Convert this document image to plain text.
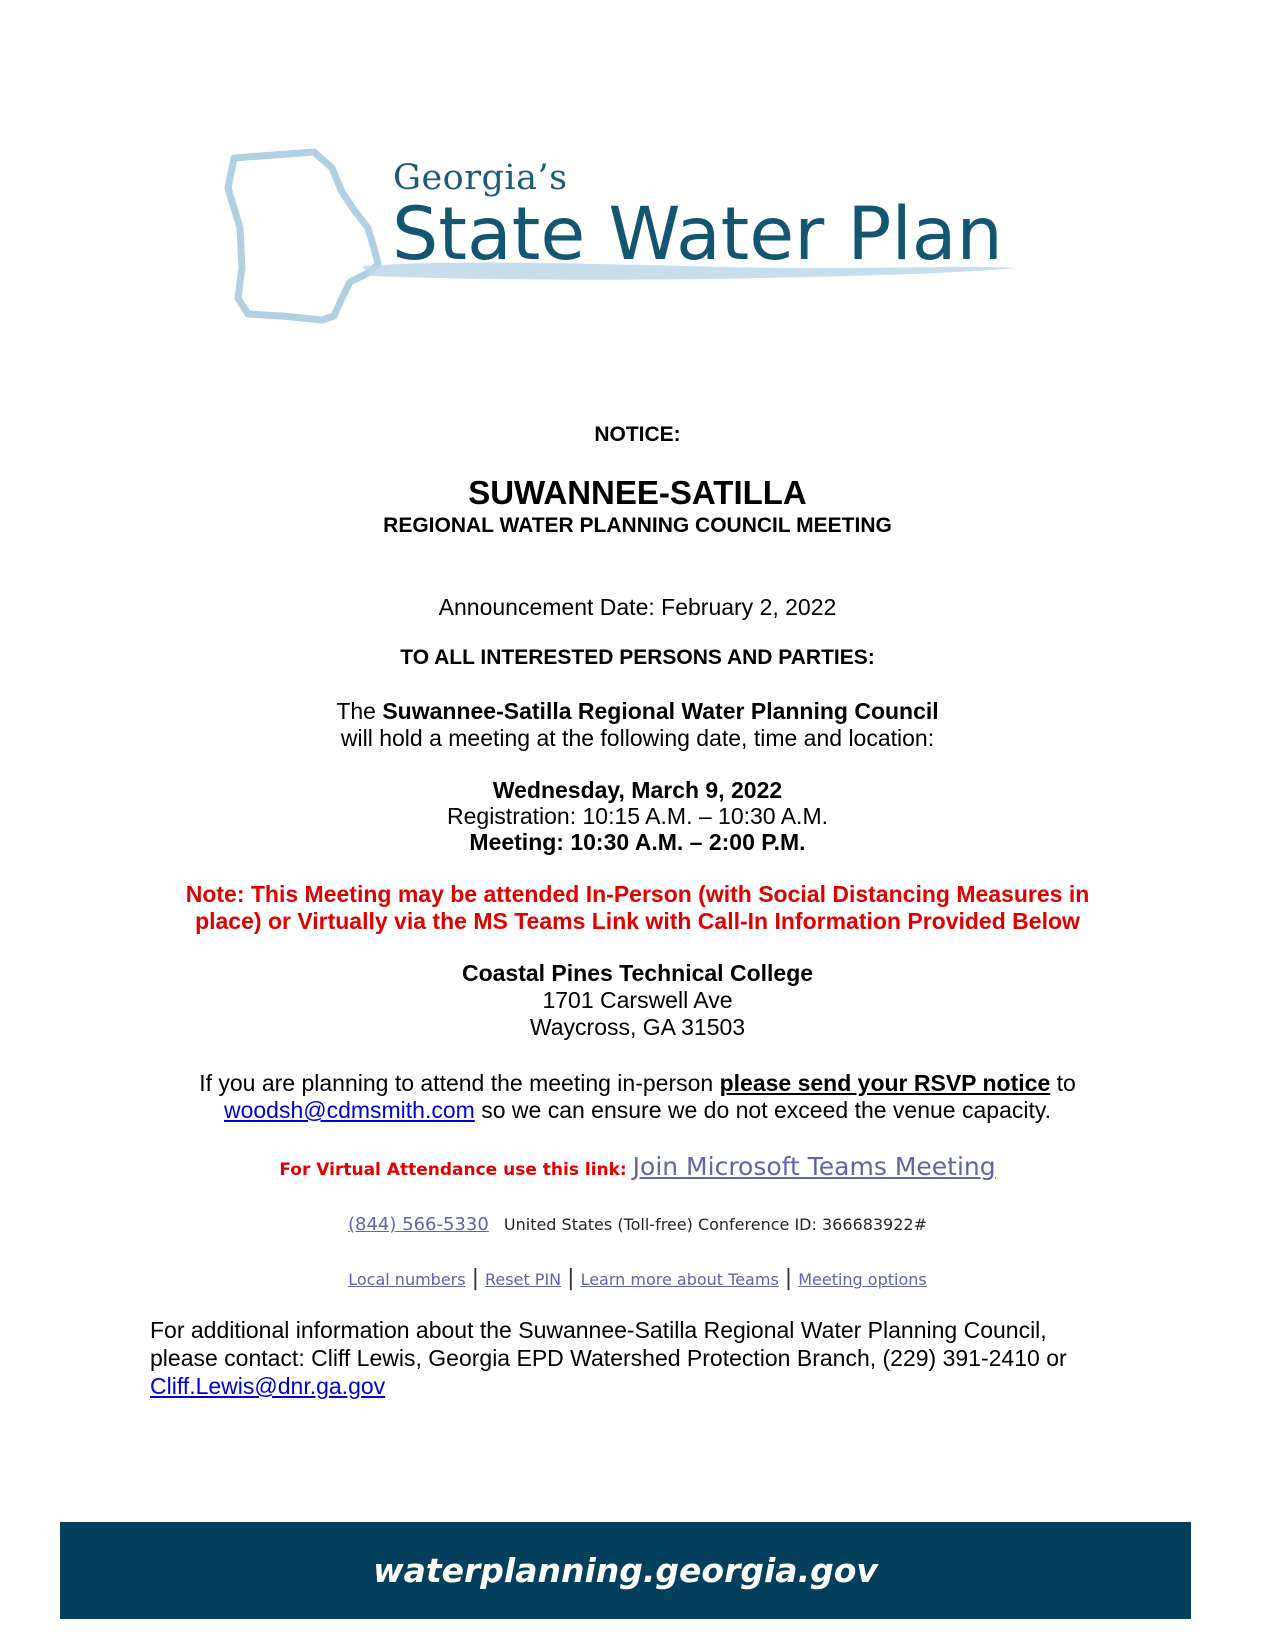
Georgia’s
State Water Plan
NOTICE:
SUWANNEE-SATILLA
REGIONAL WATER PLANNING COUNCIL MEETING
Announcement Date: February 2, 2022
TO ALL INTERESTED PERSONS AND PARTIES:
The Suwannee-Satilla Regional Water Planning Council
will hold a meeting at the following date, time and location:
Wednesday, March 9, 2022
Registration: 10:15 A.M. – 10:30 A.M.
Meeting: 10:30 A.M. – 2:00 P.M.
Note: This Meeting may be attended In-Person (with Social Distancing Measures in
place) or Virtually via the MS Teams Link with Call-In Information Provided Below
Coastal Pines Technical College
1701 Carswell Ave
Waycross, GA 31503
If you are planning to attend the meeting in-person please send your RSVP notice to
woodsh@cdmsmith.com so we can ensure we do not exceed the venue capacity.
For Virtual Attendance use this link: Join Microsoft Teams Meeting
(844) 566-5330 United States (Toll-free) Conference ID: 366683922#
Local numbers | Reset PIN | Learn more about Teams | Meeting options
For additional information about the Suwannee-Satilla Regional Water Planning Council,
please contact: Cliff Lewis, Georgia EPD Watershed Protection Branch, (229) 391-2410 or
Cliff.Lewis@dnr.ga.gov
waterplanning.georgia.gov
